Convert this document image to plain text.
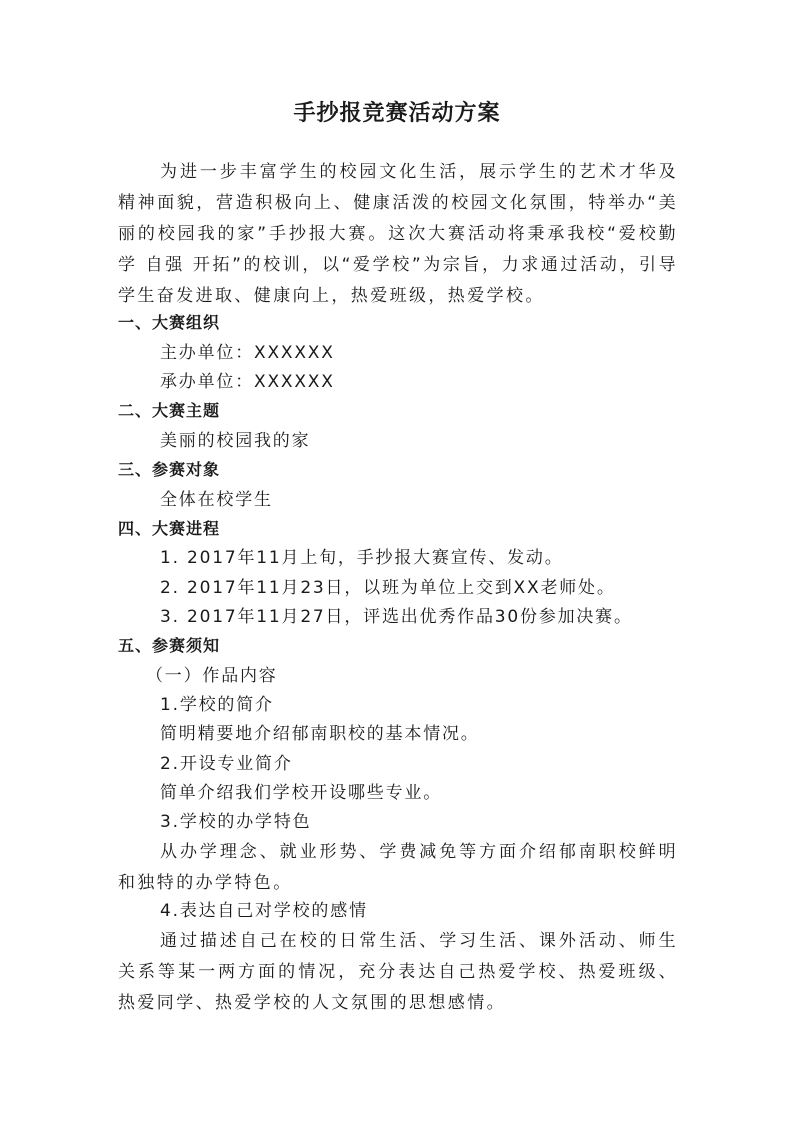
手抄报竞赛活动方案

为进一步丰富学生的校园文化生活，展示学生的艺术才华及精神面貌，营造积极向上、健康活泼的校园文化氛围，特举办“美丽的校园我的家”手抄报大赛。这次大赛活动将秉承我校“爱校勤学 自强 开拓”的校训，以“爱学校”为宗旨，力求通过活动，引导学生奋发进取、健康向上，热爱班级，热爱学校。

一、大赛组织
主办单位：XXXXXX
承办单位：XXXXXX
二、大赛主题
美丽的校园我的家
三、参赛对象
全体在校学生
四、大赛进程
1. 2017年11月上旬，手抄报大赛宣传、发动。
2. 2017年11月23日，以班为单位上交到XX老师处。
3. 2017年11月27日，评选出优秀作品30份参加决赛。
五、参赛须知
（一）作品内容
1.学校的简介
简明精要地介绍郁南职校的基本情况。
2.开设专业简介
简单介绍我们学校开设哪些专业。
3.学校的办学特色

从办学理念、就业形势、学费减免等方面介绍郁南职校鲜明和独特的办学特色。

4.表达自己对学校的感情

通过描述自己在校的日常生活、学习生活、课外活动、师生关系等某一两方面的情况，充分表达自己热爱学校、热爱班级、热爱同学、热爱学校的人文氛围的思想感情。
